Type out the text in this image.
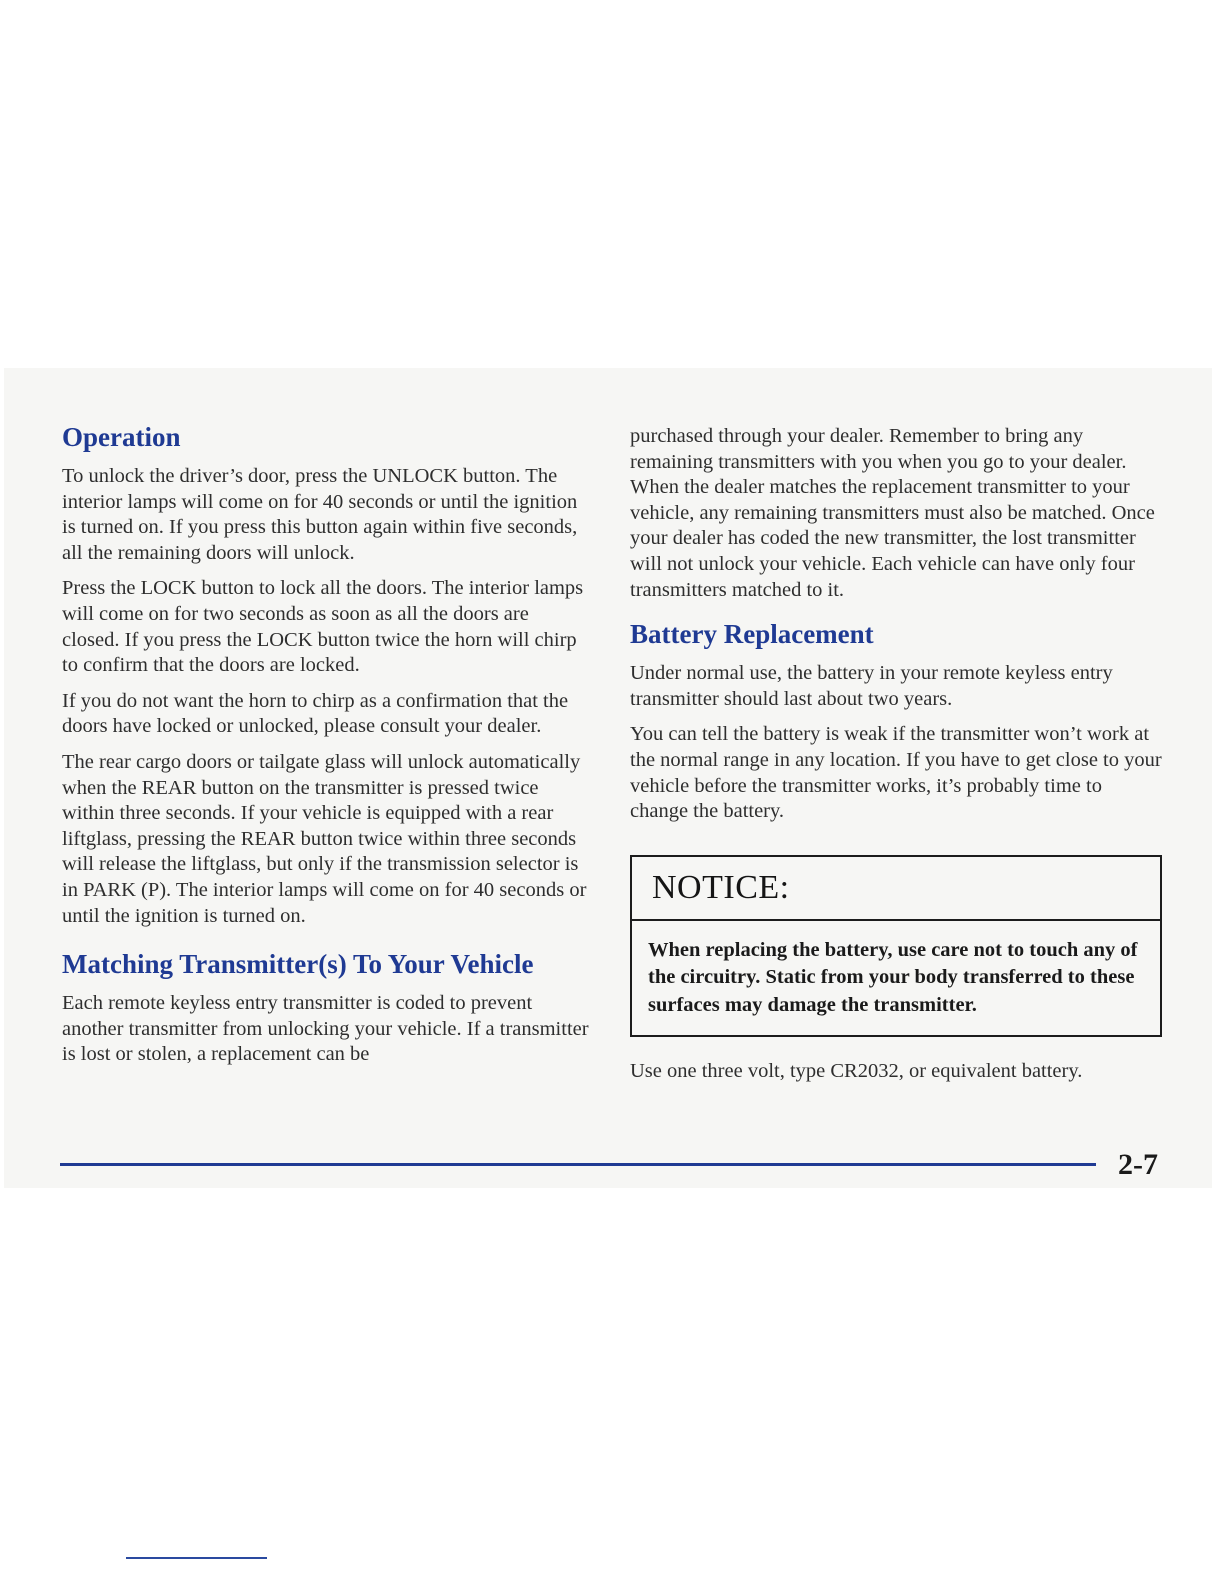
Operation

To unlock the driver’s door, press the UNLOCK button. The interior lamps will come on for 40 seconds or until the ignition is turned on. If you press this button again within five seconds, all the remaining doors will unlock.

Press the LOCK button to lock all the doors. The interior lamps will come on for two seconds as soon as all the doors are closed. If you press the LOCK button twice the horn will chirp to confirm that the doors are locked.

If you do not want the horn to chirp as a confirmation that the doors have locked or unlocked, please consult your dealer.

The rear cargo doors or tailgate glass will unlock automatically when the REAR button on the transmitter is pressed twice within three seconds. If your vehicle is equipped with a rear liftglass, pressing the REAR button twice within three seconds will release the liftglass, but only if the transmission selector is in PARK (P). The interior lamps will come on for 40 seconds or until the ignition is turned on.

Matching Transmitter(s) To Your Vehicle

Each remote keyless entry transmitter is coded to prevent another transmitter from unlocking your vehicle. If a transmitter is lost or stolen, a replacement can be

purchased through your dealer. Remember to bring any remaining transmitters with you when you go to your dealer. When the dealer matches the replacement transmitter to your vehicle, any remaining transmitters must also be matched. Once your dealer has coded the new transmitter, the lost transmitter will not unlock your vehicle. Each vehicle can have only four transmitters matched to it.

Battery Replacement

Under normal use, the battery in your remote keyless entry transmitter should last about two years.

You can tell the battery is weak if the transmitter won’t work at the normal range in any location. If you have to get close to your vehicle before the transmitter works, it’s probably time to change the battery.

NOTICE:
When replacing the battery, use care not to touch any of the circuitry. Static from your body transferred to these surfaces may damage the transmitter.

Use one three volt, type CR2032, or equivalent battery.

2-7
